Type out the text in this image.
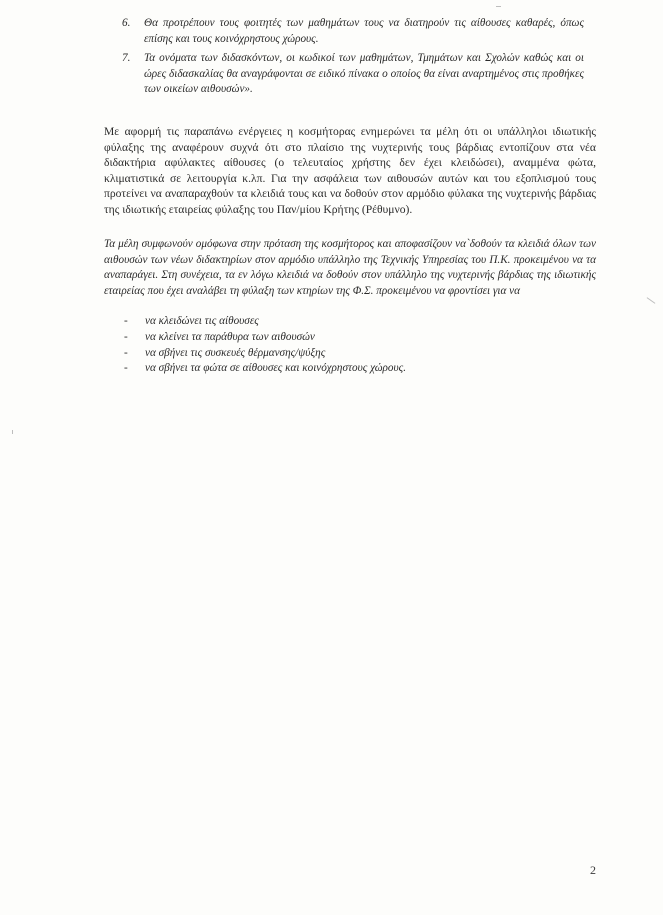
6.	Θα προτρέπουν τους φοιτητές των μαθημάτων τους να διατηρούν τις αίθουσες καθαρές, όπως επίσης και τους κοινόχρηστους χώρους.
7.	Τα ονόματα των διδασκόντων, οι κωδικοί των μαθημάτων, Τμημάτων και Σχολών καθώς και οι ώρες διδασκαλίας θα αναγράφονται σε ειδικό πίνακα ο οποίος θα είναι αναρτημένος στις προθήκες των οικείων αιθουσών».
Με αφορμή τις παραπάνω ενέργειες η κοσμήτορας ενημερώνει τα μέλη ότι οι υπάλληλοι ιδιωτικής φύλαξης της αναφέρουν συχνά ότι στο πλαίσιο της νυχτερινής τους βάρδιας εντοπίζουν στα νέα διδακτήρια αφύλακτες αίθουσες (ο τελευταίος χρήστης δεν έχει κλειδώσει), αναμμένα φώτα, κλιματιστικά σε λειτουργία κ.λπ. Για την ασφάλεια των αιθουσών αυτών και του εξοπλισμού τους προτείνει να αναπαραχθούν τα κλειδιά τους και να δοθούν στον αρμόδιο φύλακα της νυχτερινής βάρδιας της ιδιωτικής εταιρείας φύλαξης του Παν/μίου Κρήτης (Ρέθυμνο).
Τα μέλη συμφωνούν ομόφωνα στην πρόταση της κοσμήτορος και αποφασίζουν να`δοθούν τα κλειδιά όλων των αιθουσών των νέων διδακτηρίων στον αρμόδιο υπάλληλο της Τεχνικής Υπηρεσίας του Π.Κ. προκειμένου να τα αναπαράγει. Στη συνέχεια, τα εν λόγω κλειδιά να δοθούν στον υπάλληλο της νυχτερινής βάρδιας της ιδιωτικής εταιρείας που έχει αναλάβει τη φύλαξη των κτηρίων της Φ.Σ. προκειμένου να φροντίσει για να
- να κλειδώνει τις αίθουσες
- να κλείνει τα παράθυρα των αιθουσών
- να σβήνει τις συσκευές θέρμανσης/ψύξης
- να σβήνει τα φώτα σε αίθουσες και κοινόχρηστους χώρους.
2
